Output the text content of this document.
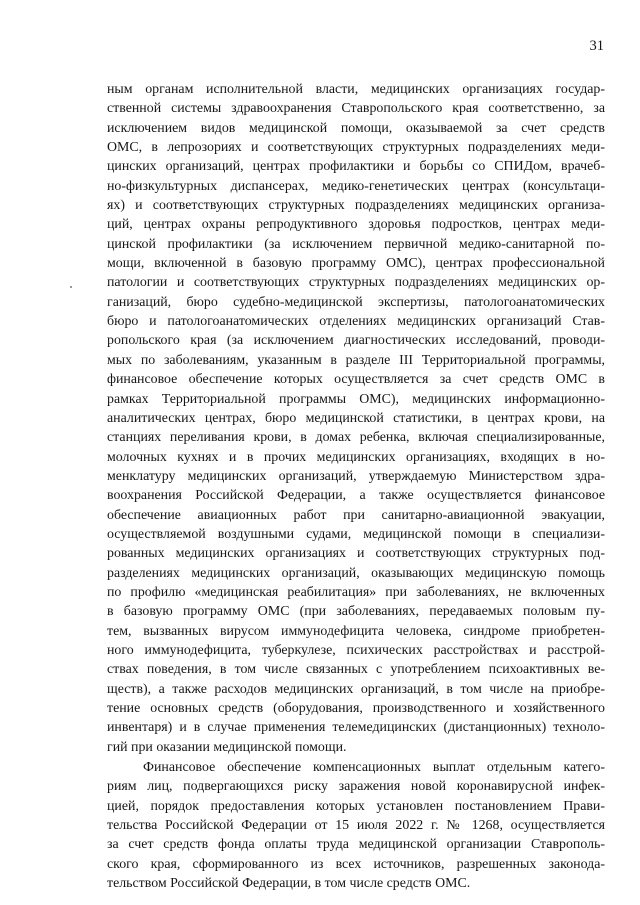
31
ным органам исполнительной власти, медицинских организациях государ-
ственной системы здравоохранения Ставропольского края соответственно, за
исключением видов медицинской помощи, оказываемой за счет средств
ОМС, в лепрозориях и соответствующих структурных подразделениях меди-
цинских организаций, центрах профилактики и борьбы со СПИДом, врачеб-
но-физкультурных диспансерах, медико-генетических центрах (консультаци-
ях) и соответствующих структурных подразделениях медицинских организа-
ций, центрах охраны репродуктивного здоровья подростков, центрах меди-
цинской профилактики (за исключением первичной медико-санитарной по-
мощи, включенной в базовую программу ОМС), центрах профессиональной
патологии и соответствующих структурных подразделениях медицинских ор-
ганизаций, бюро судебно-медицинской экспертизы, патологоанатомических
бюро и патологоанатомических отделениях медицинских организаций Став-
ропольского края (за исключением диагностических исследований, проводи-
мых по заболеваниям, указанным в разделе III Территориальной программы,
финансовое обеспечение которых осуществляется за счет средств ОМС в
рамках Территориальной программы ОМС), медицинских информационно-
аналитических центрах, бюро медицинской статистики, в центрах крови, на
станциях переливания крови, в домах ребенка, включая специализированные,
молочных кухнях и в прочих медицинских организациях, входящих в но-
менклатуру медицинских организаций, утверждаемую Министерством здра-
воохранения Российской Федерации, а также осуществляется финансовое
обеспечение авиационных работ при санитарно-авиационной эвакуации,
осуществляемой воздушными судами, медицинской помощи в специализи-
рованных медицинских организациях и соответствующих структурных под-
разделениях медицинских организаций, оказывающих медицинскую помощь
по профилю «медицинская реабилитация» при заболеваниях, не включенных
в базовую программу ОМС (при заболеваниях, передаваемых половым пу-
тем, вызванных вирусом иммунодефицита человека, синдроме приобретен-
ного иммунодефицита, туберкулезе, психических расстройствах и расстрой-
ствах поведения, в том числе связанных с употреблением психоактивных ве-
ществ), а также расходов медицинских организаций, в том числе на приобре-
тение основных средств (оборудования, производственного и хозяйственного
инвентаря) и в случае применения телемедицинских (дистанционных) техноло-
гий при оказании медицинской помощи.
Финансовое обеспечение компенсационных выплат отдельным катего-
риям лиц, подвергающихся риску заражения новой коронавирусной инфек-
цией, порядок предоставления которых установлен постановлением Прави-
тельства Российской Федерации от 15 июля 2022 г. № 1268, осуществляется
за счет средств фонда оплаты труда медицинской организации Ставрополь-
ского края, сформированного из всех источников, разрешенных законода-
тельством Российской Федерации, в том числе средств ОМС.
